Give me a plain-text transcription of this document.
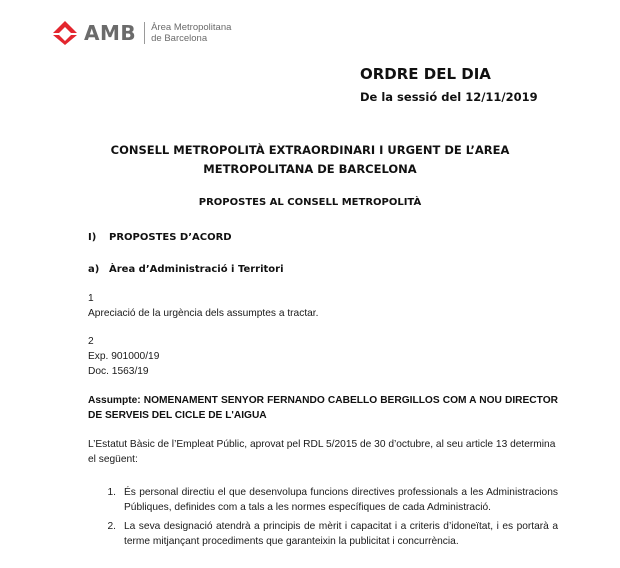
AMB Àrea Metropolitana
de Barcelona
ORDRE DEL DIA
De la sessió del 12/11/2019
CONSELL METROPOLITÀ EXTRAORDINARI I URGENT DE L’AREA
METROPOLITANA DE BARCELONA
PROPOSTES AL CONSELL METROPOLITÀ
I) PROPOSTES D’ACORD
a) Àrea d’Administració i Territori
1
Apreciació de la urgència dels assumptes a tractar.
2
Exp. 901000/19
Doc. 1563/19
Assumpte: NOMENAMENT SENYOR FERNANDO CABELLO BERGILLOS COM A NOU DIRECTOR DE SERVEIS DEL CICLE DE L'AIGUA
L’Estatut Bàsic de l’Empleat Públic, aprovat pel RDL 5/2015 de 30 d’octubre, al seu article 13 determina el següent:
1. És personal directiu el que desenvolupa funcions directives professionals a les Administracions Públiques, definides com a tals a les normes específiques de cada Administració.
2. La seva designació atendrà a principis de mèrit i capacitat i a criteris d’idoneïtat, i es portarà a terme mitjançant procediments que garanteixin la publicitat i concurrència.
